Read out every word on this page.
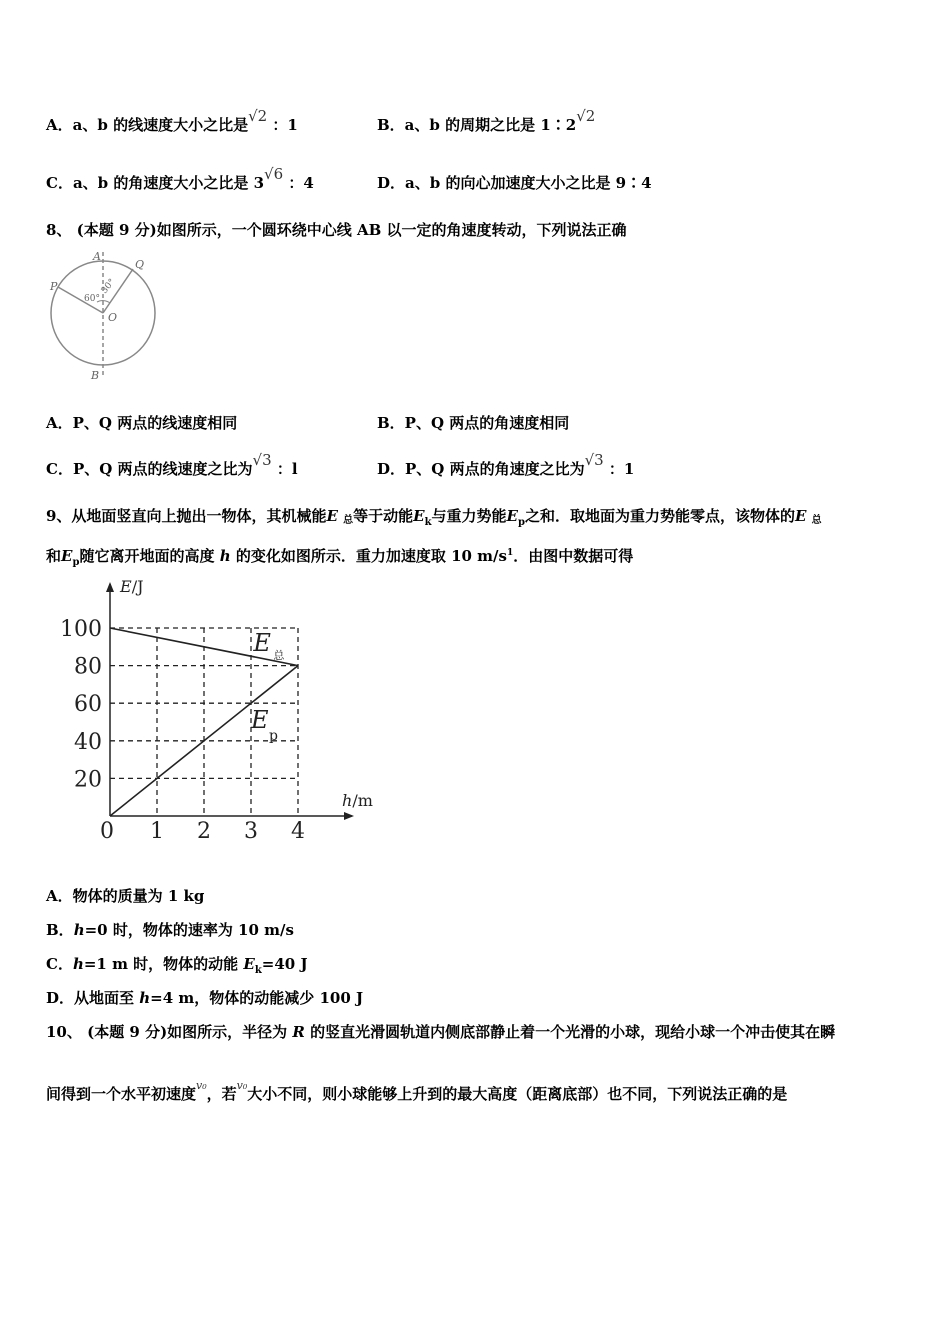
A．a、b 的线速度大小之比是√2 ：1	B．a、b 的周期之比是 1∶2√2
C．a、b 的角速度大小之比是 3√6 ：4	D．a、b 的向心加速度大小之比是 9∶4
8、 (本题 9 分)如图所示，一个圆环绕中心线 AB 以一定的角速度转动，下列说法正确
A
B
P
Q
O
60°
30°
A．P、Q 两点的线速度相同	B．P、Q 两点的角速度相同
C．P、Q 两点的线速度之比为√3 ：l	D．P、Q 两点的角速度之比为√3 ：1
9、从地面竖直向上抛出一物体，其机械能E 总等于动能$E_k$与重力势能$E_p$之和．取地面为重力势能零点，该物体的E 总
和$E_p$随它离开地面的高度 h 的变化如图所示．重力加速度取 10 $m/s^1$．由图中数据可得
20
40
60
80
100
0 1 2 3 4
E/J
h/m
E 总
E
p
A．物体的质量为 1 kg
B．h=0 时，物体的速率为 10 m/s
C．h=1 m 时，物体的动能 $E_k=40$ J
D．从地面至 h=4 m，物体的动能减少 100 J
10、 (本题 9 分)如图所示，半径为 R 的竖直光滑圆轨道内侧底部静止着一个光滑的小球，现给小球一个冲击使其在瞬
间得到一个水平初速度$^{v_0}$，若$^{v_0}$大小不同，则小球能够上升到的最大高度（距离底部）也不同，下列说法正确的是
